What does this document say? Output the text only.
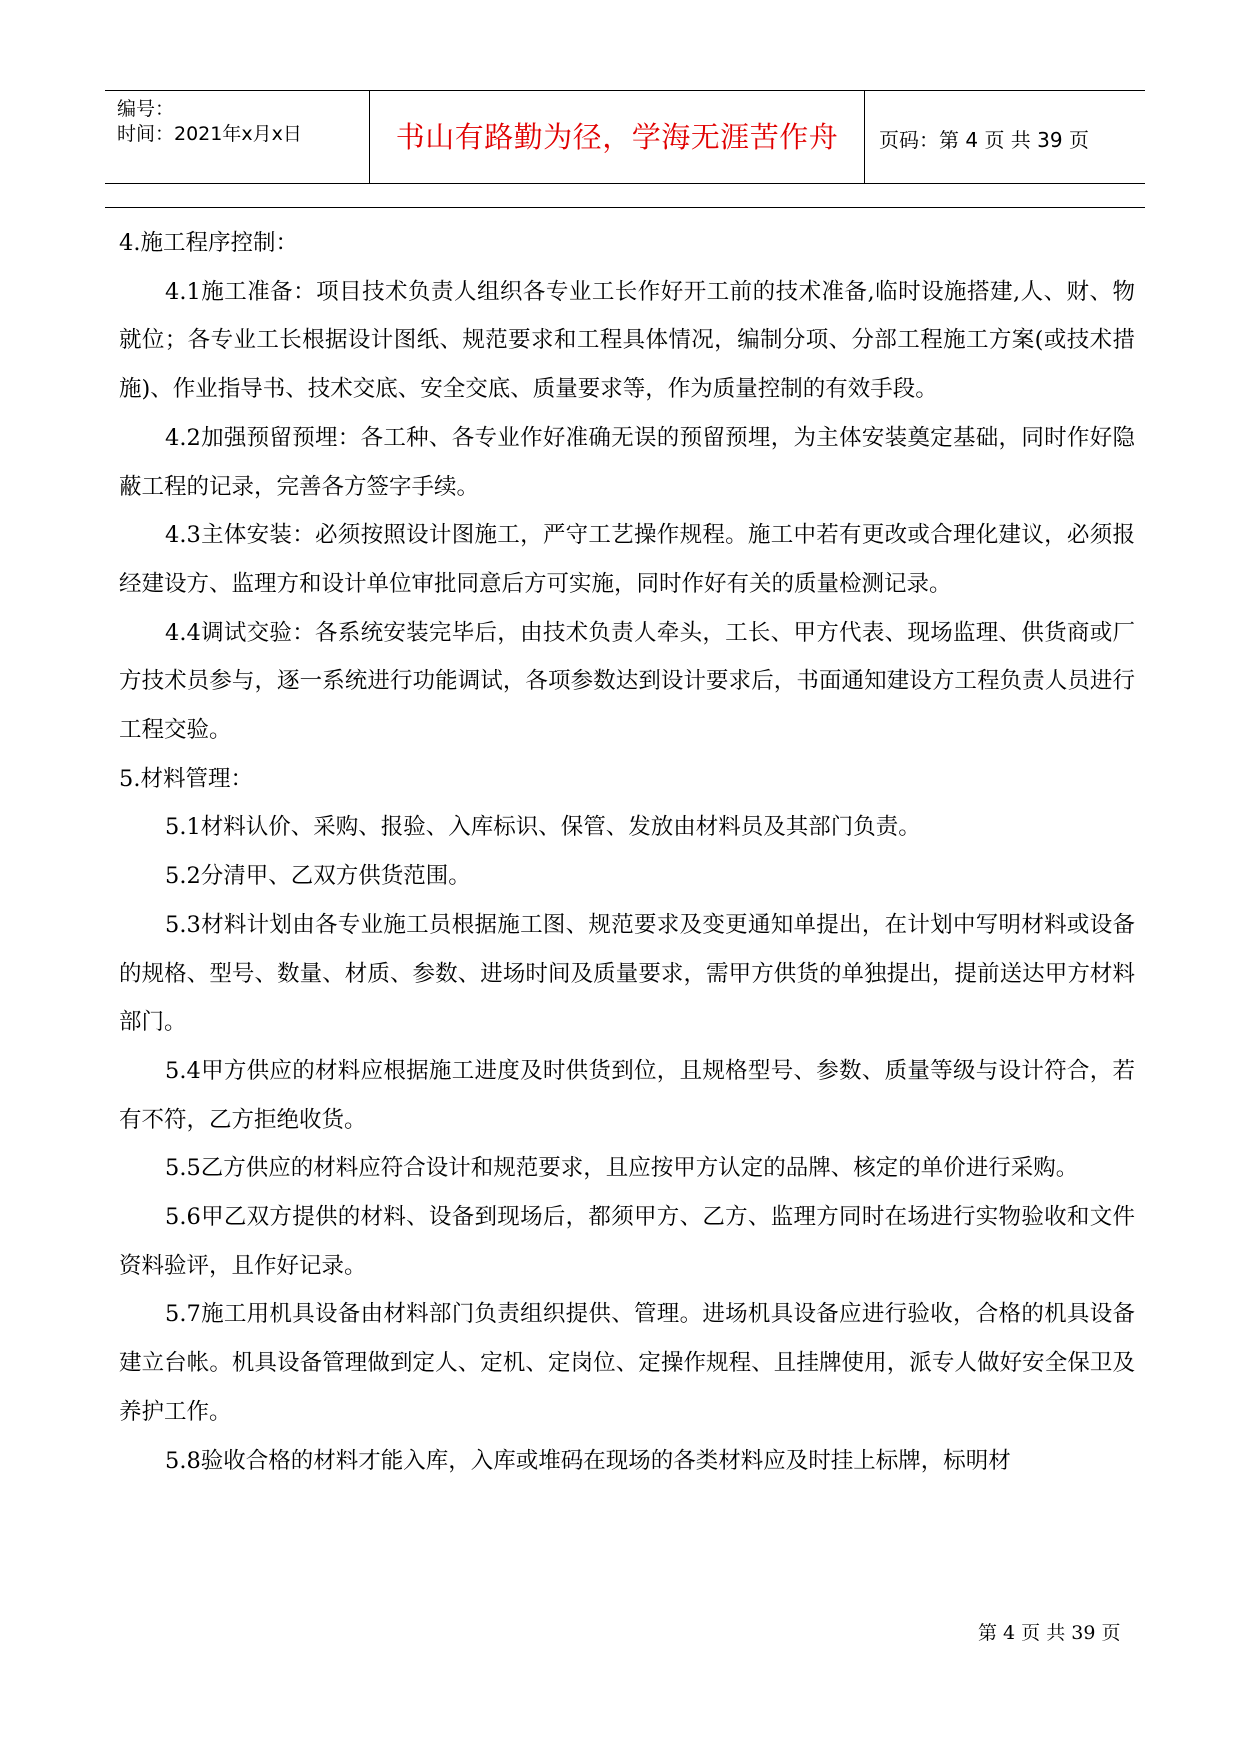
编号：
时间：2021年x月x日	书山有路勤为径，学海无涯苦作舟	页码：第 4 页 共 39 页

4.施工程序控制：

4.1施工准备：项目技术负责人组织各专业工长作好开工前的技术准备,临时设施搭建,人、财、物就位；各专业工长根据设计图纸、规范要求和工程具体情况，编制分项、分部工程施工方案(或技术措施)、作业指导书、技术交底、安全交底、质量要求等，作为质量控制的有效手段。

4.2加强预留预埋：各工种、各专业作好准确无误的预留预埋，为主体安装奠定基础，同时作好隐蔽工程的记录，完善各方签字手续。

4.3主体安装：必须按照设计图施工，严守工艺操作规程。施工中若有更改或合理化建议，必须报经建设方、监理方和设计单位审批同意后方可实施，同时作好有关的质量检测记录。

4.4调试交验：各系统安装完毕后，由技术负责人牵头，工长、甲方代表、现场监理、供货商或厂方技术员参与，逐一系统进行功能调试，各项参数达到设计要求后，书面通知建设方工程负责人员进行工程交验。

5.材料管理：

5.1材料认价、采购、报验、入库标识、保管、发放由材料员及其部门负责。

5.2分清甲、乙双方供货范围。

5.3材料计划由各专业施工员根据施工图、规范要求及变更通知单提出，在计划中写明材料或设备的规格、型号、数量、材质、参数、进场时间及质量要求，需甲方供货的单独提出，提前送达甲方材料部门。

5.4甲方供应的材料应根据施工进度及时供货到位，且规格型号、参数、质量等级与设计符合，若有不符，乙方拒绝收货。

5.5乙方供应的材料应符合设计和规范要求，且应按甲方认定的品牌、核定的单价进行采购。

5.6甲乙双方提供的材料、设备到现场后，都须甲方、乙方、监理方同时在场进行实物验收和文件资料验评，且作好记录。

5.7施工用机具设备由材料部门负责组织提供、管理。进场机具设备应进行验收，合格的机具设备建立台帐。机具设备管理做到定人、定机、定岗位、定操作规程、且挂牌使用，派专人做好安全保卫及养护工作。

5.8验收合格的材料才能入库，入库或堆码在现场的各类材料应及时挂上标牌，标明材

第 4 页 共 39 页
